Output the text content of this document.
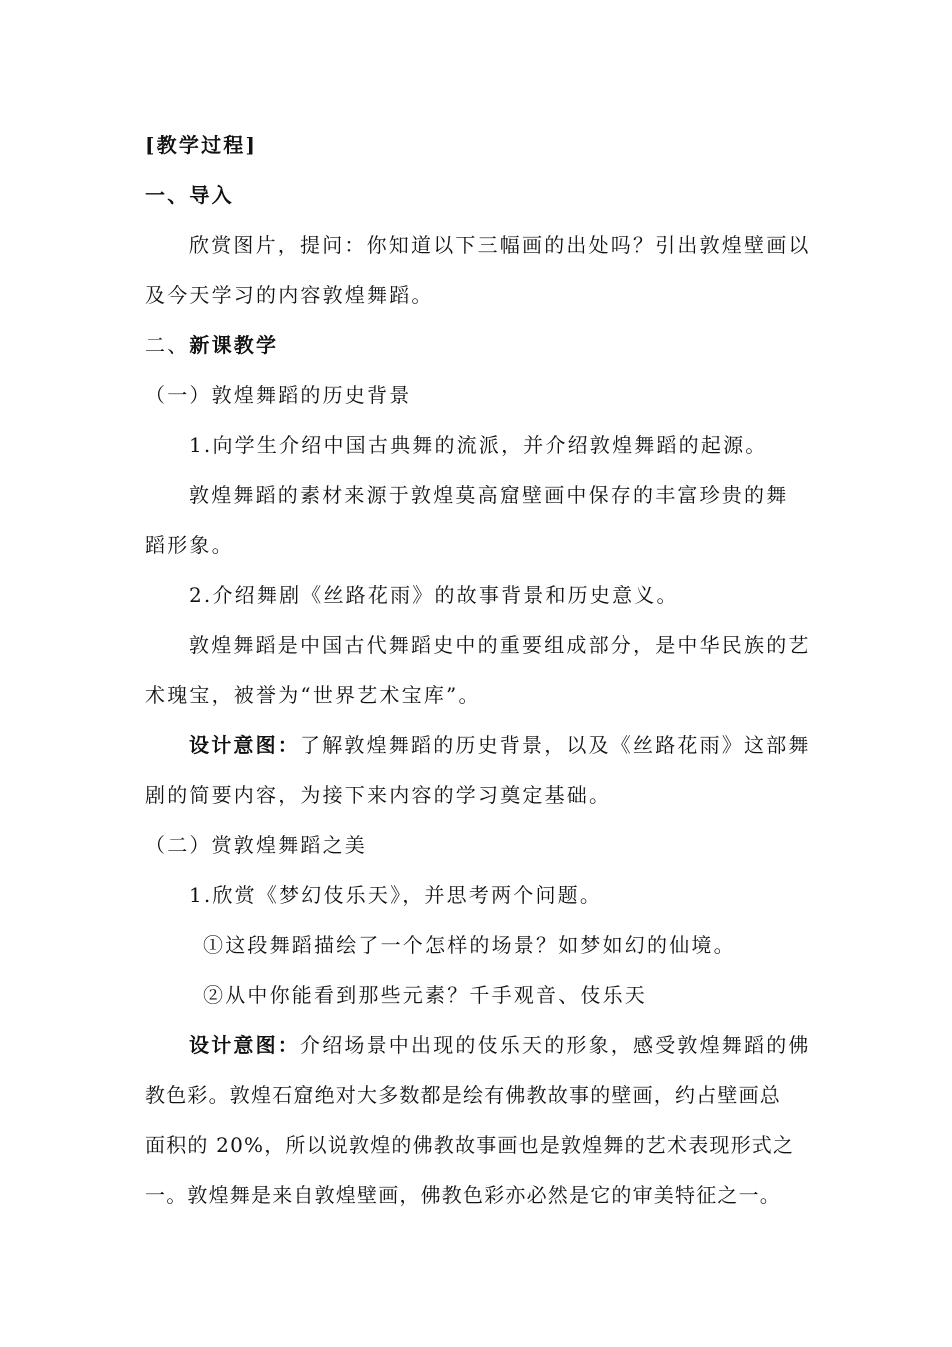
[教学过程]
一、导入
欣赏图片，提问：你知道以下三幅画的出处吗？引出敦煌壁画以
及今天学习的内容敦煌舞蹈。
二、新课教学
（一）敦煌舞蹈的历史背景
1.向学生介绍中国古典舞的流派，并介绍敦煌舞蹈的起源。
敦煌舞蹈的素材来源于敦煌莫高窟壁画中保存的丰富珍贵的舞
蹈形象。
2.介绍舞剧《丝路花雨》的故事背景和历史意义。
敦煌舞蹈是中国古代舞蹈史中的重要组成部分，是中华民族的艺
术瑰宝，被誉为“世界艺术宝库”。
设计意图：了解敦煌舞蹈的历史背景，以及《丝路花雨》这部舞
剧的简要内容，为接下来内容的学习奠定基础。
（二）赏敦煌舞蹈之美
1.欣赏《梦幻伎乐天》，并思考两个问题。
①这段舞蹈描绘了一个怎样的场景？如梦如幻的仙境。
②从中你能看到那些元素？千手观音、伎乐天
设计意图：介绍场景中出现的伎乐天的形象，感受敦煌舞蹈的佛
教色彩。敦煌石窟绝对大多数都是绘有佛教故事的壁画，约占壁画总
面积的 20%，所以说敦煌的佛教故事画也是敦煌舞的艺术表现形式之
一。敦煌舞是来自敦煌壁画，佛教色彩亦必然是它的审美特征之一。
